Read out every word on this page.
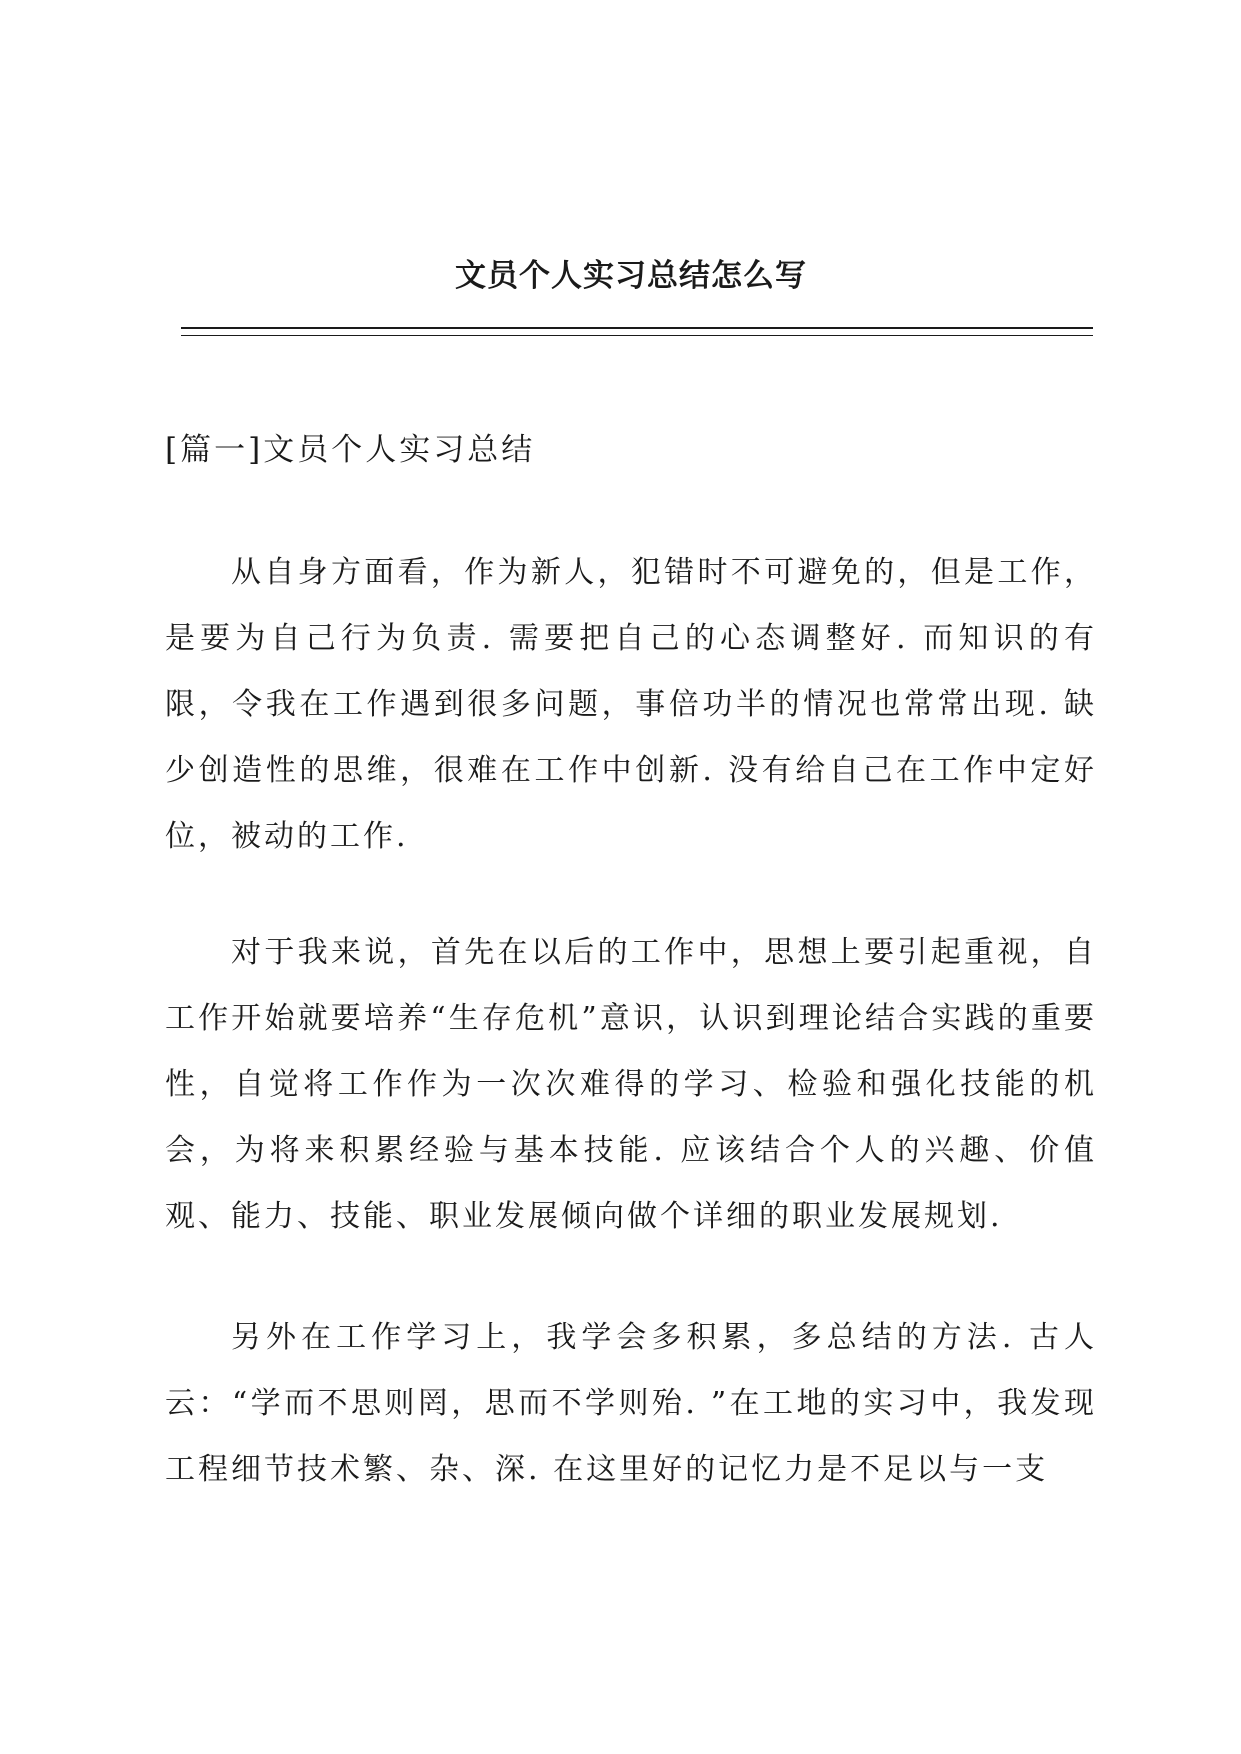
文员个人实习总结怎么写
[篇一]文员个人实习总结

从自身方面看，作为新人，犯错时不可避免的，但是工作，是要为自己行为负责. 需要把自己的心态调整好. 而知识的有限，令我在工作遇到很多问题，事倍功半的情况也常常出现. 缺少创造性的思维，很难在工作中创新. 没有给自己在工作中定好位，被动的工作.

对于我来说，首先在以后的工作中，思想上要引起重视，自工作开始就要培养“生存危机”意识，认识到理论结合实践的重要性，自觉将工作作为一次次难得的学习、检验和强化技能的机会，为将来积累经验与基本技能. 应该结合个人的兴趣、价值观、能力、技能、职业发展倾向做个详细的职业发展规划.

另外在工作学习上，我学会多积累，多总结的方法. 古人云：“学而不思则罔，思而不学则殆. ”在工地的实习中，我发现工程细节技术繁、杂、深. 在这里好的记忆力是不足以与一支
